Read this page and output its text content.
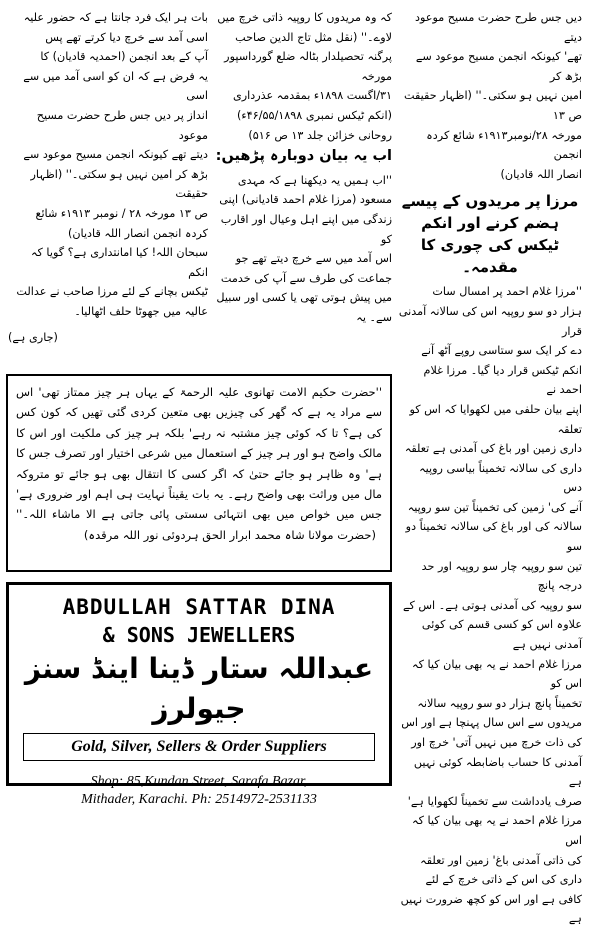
دیں جس طرح حضرت مسیح موعود دیتے

تھے' کیونکہ انجمن مسیح موعود سے بڑھ کر

امین نہیں ہو سکتی۔'' (اظہار حقیقت ص ۱۳

مورخہ ۲۸/نومبر۱۹۱۳ء شائع کردہ انجمن

انصار اللہ قادیان)

مرزا پر مریدوں کے پیسے ہضم کرنے اور انکم ٹیکس کی چوری کا مقدمہ۔

''مرزا غلام احمد پر امسال سات

ہزار دو سو روپیہ اس کی سالانہ آمدنی قرار

دے کر ایک سو ستاسی روپے آٹھ آنے

انکم ٹیکس قرار دیا گیا۔ مرزا غلام احمد نے

اپنے بیان حلفی میں لکھوایا کہ اس کو تعلقہ

داری زمین اور باغ کی آمدنی ہے تعلقہ

داری کی سالانہ تخمیناً بیاسی روپیہ دس

آنے کی' زمین کی تخمیناً تین سو روپیہ

سالانہ کی اور باغ کی سالانہ تخمیناً دو سو

تین سو روپیہ چار سو روپیہ اور حد درجہ پانچ

سو روپیہ کی آمدنی ہوتی ہے۔ اس کے

علاوہ اس کو کسی قسم کی کوئی آمدنی نہیں ہے

مرزا غلام احمد نے یہ بھی بیان کیا کہ اس کو

تخمیناً پانچ ہزار دو سو روپیہ سالانہ

مریدوں سے اس سال پہنچا ہے اور اس

کی ذات خرچ میں نہیں آتی' خرچ اور

آمدنی کا حساب باضابطہ کوئی نہیں ہے

صرف یادداشت سے تخمیناً لکھوایا ہے'

مرزا غلام احمد نے یہ بھی بیان کیا کہ اس

کی ذاتی آمدنی باغ' زمین اور تعلقہ

داری کی اس کے ذاتی خرچ کے لئے

کافی ہے اور اس کو کچھ ضرورت نہیں ہے

کہ وہ مریدوں کا روپیہ ذاتی خرچ میں

لاوے۔'' (نقل مثل تاج الدین صاحب

پرگنہ تحصیلدار بٹالہ ضلع گورداسپور مورخہ

۳۱/اگست ۱۸۹۸ء بمقدمہ عذرداری

(انکم ٹیکس نمبری ۴۶/۵۵/۱۸۹۸ء)

روحانی خزائن جلد ۱۳ ص ۵۱۶)

اب یہ بیان دوبارہ پڑھیں:

''اب ہمیں یہ دیکھنا ہے کہ مہدی

مسعود (مرزا غلام احمد قادیانی) اپنی

زندگی میں اپنے اہل وعیال اور اقارب کو

اس آمد میں سے خرچ دیتے تھے جو

جماعت کی طرف سے آپ کی خدمت

میں پیش ہوتی تھی یا کسی اور سبیل سے۔ یہ

بات ہر ایک فرد جانتا ہے کہ حضور علیہ

اسی آمد سے خرچ دیا کرتے تھے پس

آپ کے بعد انجمن (احمدیہ قادیان) کا

یہ فرض ہے کہ ان کو اسی آمد میں سے اسی

انداز پر دیں جس طرح حضرت مسیح موعود

دیتے تھے کیونکہ انجمن مسیح موعود سے

بڑھ کر امین نہیں ہو سکتی۔'' (اظہار حقیقت

ص ۱۳ مورخہ ۲۸ / نومبر ۱۹۱۳ء شائع

کردہ انجمن انصار اللہ قادیان)

سبحان اللہ! کیا امانتداری ہے؟ گویا کہ انکم

ٹیکس بچانے کے لئے مرزا صاحب نے عدالت

عالیہ میں جھوٹا حلف اٹھالیا۔

(جاری ہے)
''حضرت حکیم الامت تھانوی علیہ الرحمۃ کے یہاں ہر چیز ممتاز تھی' اس سے مراد یہ ہے کہ گھر کی چیزیں بھی متعین کردی گئی تھیں کہ کون کس کی ہے؟ تا کہ کوئی چیز مشتبہ نہ رہے' بلکہ ہر چیز کی ملکیت اور اس کا مالک واضح ہو اور ہر چیز کے استعمال میں شرعی اختیار اور تصرف جس کا ہے' وہ ظاہر ہو جائے حتیٰ کہ اگر کسی کا انتقال بھی ہو جائے تو متروکہ مال میں وراثت بھی واضح رہے۔ یہ بات یقیناً نہایت ہی اہم اور ضروری ہے' جس میں خواص میں بھی انتہائی سستی پائی جاتی ہے الا ماشاء اللہ۔'' (حضرت مولانا شاہ محمد ابرار الحق ہردوئی نور اللہ مرقدہ)
ABDULLAH SATTAR DINA
& SONS JEWELLERS
عبداللہ ستار ڈینا اینڈ سنز جیولرز
Gold, Silver, Sellers & Order Suppliers
Shop: 85,Kundan Street, Sarafa Bazar,
Mithader, Karachi. Ph: 2514972-2531133
